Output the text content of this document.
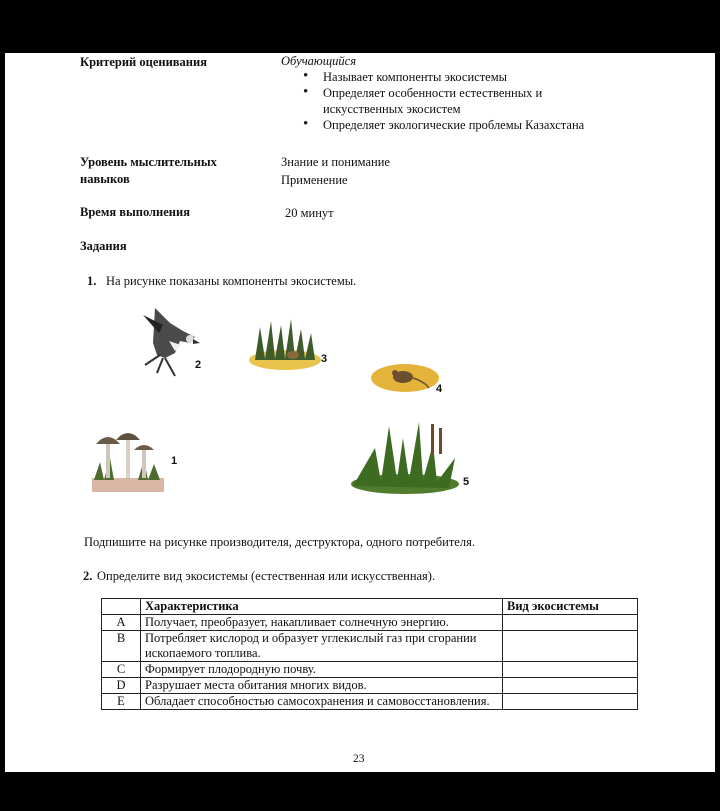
Критерий оценивания	Обучающийся
• Называет компоненты экосистемы
• Определяет особенности естественных и искусственных экосистем
• Определяет экологические проблемы Казахстана
Уровень мыслительных навыков
Знание и понимание
Применение
Время выполнения	20 минут
Задания
1. На рисунке показаны компоненты экосистемы.
2	3
4
1
5
Подпишите на рисунке производителя, деструктора, одного потребителя.
2. Определите вид экосистемы (естественная или искусственная).
	Характеристика	Вид экосистемы
A	Получает, преобразует, накапливает солнечную энергию.	
B	Потребляет кислород и образует углекислый газ при сгорании ископаемого топлива.	
C	Формирует плодородную почву.	
D	Разрушает места обитания многих видов.	
E	Обладает способностью самосохранения и самовосстановления.	
23
